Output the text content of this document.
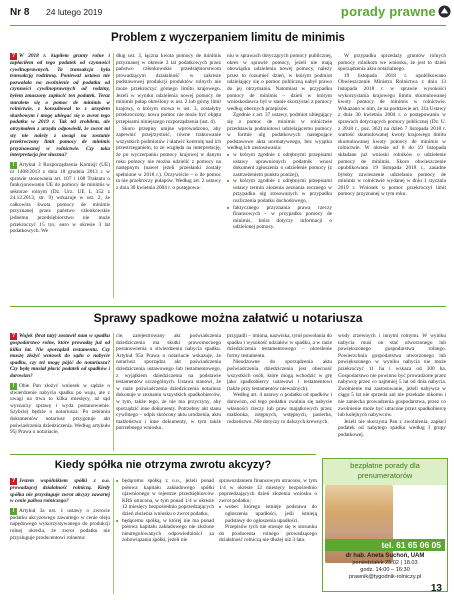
Nr 8 24 lutego 2019	porady prawne
Problem z wyczerpaniem limitu de minimis

? W 2018 r. kupiłem grunty rolne i zapłaciłem od tego podatek od czynności cywilnoprawnych. Ta transakcja była transakcją rodzinną. Ponieważ ustawa nie pozwalała na zwolnienie od podatku od czynności cywilnoprawnych od rodziny, byłem zmuszony zapłacić ten podatek. Teraz starałem się o pomoc de minimis w rolnictwie, z konsultował to z urzędem skarbowym i mogę ubiegać się o zwrot tego podatku w 2019 r. Tak też zrobiłem, ale otrzymałem z urzędu odpowiedź, że zwrot mi się nie należy z uwagi na zostanie przekroczony limit pomocy de minimis przyznawanej w rolnictwie. Czy taka interpretacja jest słuszna?

! Artykuł 3 Rozporządzenia Komisji (UE) nr 1408/2013 z dnia 18 grudnia 2013 r. w sprawie stosowania art. 107 i 108 Traktatu o funkcjonowaniu UE do pomocy de minimis w sektorze rolnym (Dz. Urz. UE L 352 z 24.12.2013, str. 9) wskazuje w ust. 2, że całkowita kwota pomocy de minimis przyznanej przez państwo członkowskie jednemu przedsiębiorstwu nie może przekroczyć 15 tys. euro w okresie 3 lat podatkowych. We

dług ust. 3, łączna kwota pomocy de minimis przyznanej w okresie 3 lat podatkowych przez państwo członkowskie przedsiębiorstwom prowadzącym działalność w zakresie podstawowej produkcji produktów rolnych nie może przekroczyć górnego limitu krajowego. Jeżeli w wyniku udzielenia nowej pomocy de minimis pułap określony w ust. 2 lub górny limit krajowy, o którym mowa w ust. 3, zostałyby przekroczony, nowa pomoc nie może być objęta przepisami niniejszego rozporządzenia (ust. 4).

Skoro przepisy unijne wprowadzono, aby zapewnić przejrzystość, równe traktowanie wszystkich podmiotów i ułatwić kontrolę nad ich przestrzeganiem, to ze względu na interpretację, że po wyczerpaniu pomocy krajowej w danym roku pomocy nie można udzielić z pomocy na następnym (nawet jeżeli przesłanki zostały spełnione w 2018 r.). Oczywiście – o ile pomoc ta nie przekroczy pułapów. Według art. 2 ustawy z dnia 30 kwietnia 2004 r. o postępowa-

niu w sprawach dotyczących pomocy publicznej, okres w sprawie pomocy, jeżeli nie mają obowiązku udzielenia nowej pomocy, należy przez to rozumieć dzień, w którym podmiot udzielający się o pomoc publiczną nabył prawo do jej otrzymania. Natomiast w przypadku pomocy de minimis – dzień w którym wnioskodawca był w stanie skorzystać z pomocy według obecnych przepisów.

Zgodnie z art. 37 ustawy, podmiot ubiegający się o pomoc de minimis w rolnictwie przedstawia podmiotowi udzielającemu pomocy w formie ulg podatkowych następujące podstawowe akta normatywnego, bez wyjątku według ich zastosowania:

■ w którym zgodnie z odrębnymi przepisami ustawy uprawnionych podatnik wnosi dokument zgłoszenia o udzielenie pomocy (z zastrzeżeniem punktu poniżej),
■ w którym zgodnie z odrębnymi przepisami ustawy termin złożenia zeznania rocznego w przypadku ulg stosowanych w przypadku rozliczenia podatku dochodowego,
■ faktycznego przyznania prawa rzeczy finansowych – w przypadku pomocy de minimis, która dotyczy informacji o udzielonej pomocy.

W przypadku sprzedaży gruntów rolnych pomocy rolnikom we wniosku, że jest to dzień sporządzenia aktu notarialnego.

19 listopada 2018 r. opublikowano Obwieszczenie Ministra Rolnictwa z dnia 13 listopada 2018 r. w sprawie wysokości wykorzystania krajowego limitu skumulowanej kwoty pomocy de minimis w rolnictwie. Wskazano w nim, że na podstawie art. 31a Ustawy z dnia 30 kwietnia 2004 r. o postępowaniu w sprawach dotyczących pomocy publicznej (Dz. U. z 2018 r., poz. 362) na dzień 7 listopada 2018 r. wartość skumulowanej kwoty krajowego limitu skumulowanej kwoty pomocy de minimis w rolnictwie. W okresie od 8 do 19 listopada składane już wnioski rolników o udzielenie pomocy de minimis. Skoro obwieszczenie opublikowano 19 listopada 2018 r., zasadne byłoby zawieszenie udzielania pomocy de minimis w rolnictwie wydanej w dniu 1 stycznia 2019 r. Wniosek o pomoc przekroczył limit pomocy przyznanej w tym roku.

Sprawy spadkowe można załatwić u notariusza

? Wujek (brat taty) zostawił nam w spadku gospodarstwo rolne, które prowadzę już od kilku lat. Nie sporządził testamentu. Czy muszę złożyć wniosek do sądu o nabycie spadku, czy też mogę pójść do notariusza? Czy będę musiał płacić podatek od spadków i darowizn?

! Obie Pan złożyć wniosek w sądzie o stwierdzenie nabycia spadku po wuju, ale z uwagi na trwa to kilka miesięcy, aż sąd wyznaczy sprawę i wyda postanowienie. Szybciej będzie u notariusza. Po zebraniu dokumentów notariusz przygotuje akt poświadczenia dziedziczenia. Według artykułu 95j Prawa o notariacie,

cie, zarejestrowany akt poświadczenia dziedziczenia ma skutki prawomocnego postanowienia o stwierdzeniu nabycia spadku. Artykuł 95a Prawa o notariacie wskazuje, że notariusz sporządza akt poświadczenia dziedziczenia ustawowego lub testamentowego, z wyjątkiem dziedziczenia na podstawie testamentów szczególnych. Ustawa stanowi, że w razie poświadczenia dziedziczenia notariusz dokonuje w zeznaniu wszystkich spadkobierców, w tym, także tego, że nie ma przyczyny, aby sporządzić inne dokumenty. Potrzebny akt stanu cywilnego – odpis skrócony aktu urodzenia, aktu małżeństwa i inne dokumenty, w tym także potrzebnego wniosku.

przypadli – imiona, nazwiska, tytuł powołania do spadku i wysokość udziałów w spadku, a w razie dziedziczenia testamentowego – określenie formy testamentu.

Nieodzowne do sporządzenia aktu poświadczenia dziedziczenia jest obecność wszystkich osób, które mogą wchodzić w grę jako spadkobiercy ustawowi i testamentowi (także przy testamentów nieważnych).

Według art. 4 ustawy o podatku od spadków i darowizn, od tego podatku zwalnia się nabycie własności rzeczy lub praw majątkowych przez małżonka, zstępnych, wstępnych, pasierba, rodzeństwo. Nie dotyczy to dalszych krewnych.

wody zrzewnych i innymi rolnymi. W wyniku nabycia musi on stać utworzonego lub powiększonego gospodarstwa rolnego. Powierzchnia gospodarstwa utworzonego lub powiększonego w wyniku nabycia nie może przekroczyć 11 ha i wskaza od 300 ha. Gospodarstwo nie powinno być prowadzone przez nabywcę przez co najmniej 5 lat od dnia nabycia. Zwolnienie ma zastosowanie, jeżeli nabywca w ciągu 5 lat nie sprzeda ani nie przekaże nikomu i nie zaniecha prowadzenia gospodarstwa, przez co zwolnienie może być utracone przez spadkobiercę lub kolejnych nabywców.

Jeżeli nie skorzysta Pan z zwolnienia, zapłaci podatek od nabytego spadku według I grupy podatkowej.

Kiedy spółka nie otrzyma zwrotu akcyzy?

? Jestem wspólnikiem spółki z o.o. prowadzącej działalność rolniczą. Kiedy spółka nie przysługuje zwrot akcyzy zawartej w cenie paliwa rolniczego?

! Artykuł 3a ust. 1 ustawy o zwrocie podatku akcyzowego zawartego w cenie oleju napędowego wykorzystywanego do produkcji rolnej określa, że zwrot podatku nie przysługuje producentowi rolnemu:

■ będącemu spółką z o.o., jeżeli ponad połowa kapitału zakładowego spółki ujawnionego w rejestrze przedsiębiorców KRS utracona, w tym ponad 1/4 w okresie 12 miesięcy bezpośrednio poprzedzających dzień złożenia wniosku o zwrot podatku,
■ będącemu spółką, w której nie ma ponad połowa kapitału zakładowego nie złożone nieuregulowanych odpowiedniości za zobowiązania spółki, jeżeli nie

sprawozdaniem finansowym utracono, w tym 1/4 w okresie 12 miesięcy bezpośrednio poprzedzających dzień złożenia wniosku o zwrot podatku;

■ wobec którego istnieje podstawa do ogłoszenia upadłości, jeśli istnieją podstawy do ogłoszenia upadłości.

Przepisów tych nie stosuje się w stosunku do producenta rolnego prowadzącego działalność rolniczą nie dłużej niż 3 lata.

bezpłatne porady dla prenumeratorów
tel. 61 65 06 05
dr hab. Aneta Suchoń, UAM
poniedziałek 25.02 | 18.03
godz. 14:00 – 16:30
prawnik@tygodnik-rolniczy.pl
13
